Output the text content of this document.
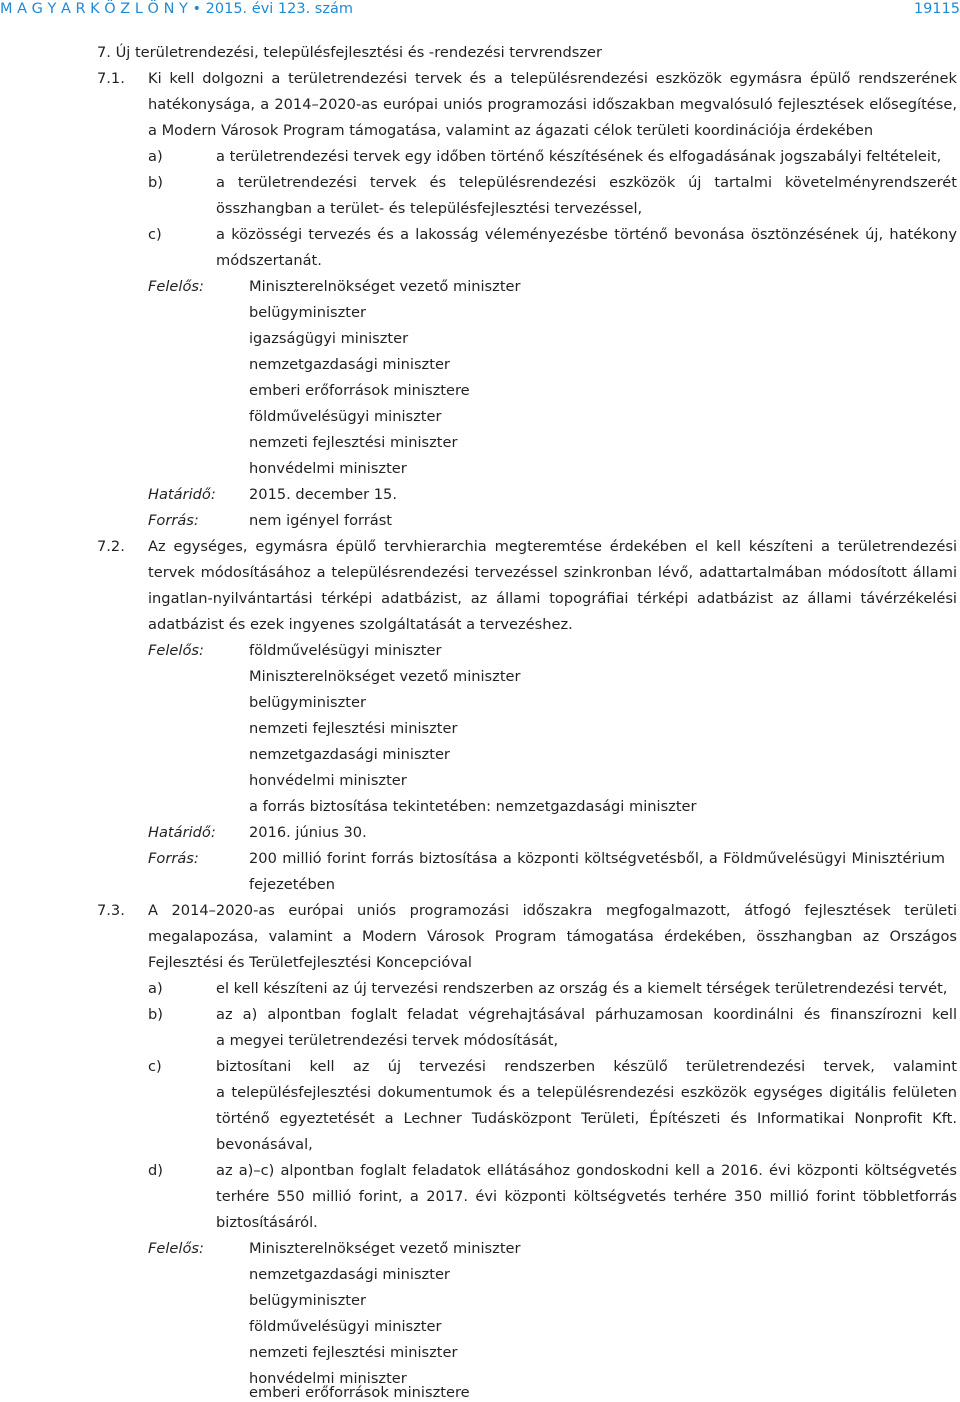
M A G Y A R K Ö Z L Ö N Y • 2015. évi 123. szám	19115
7. Új területrendezési, településfejlesztési és -rendezési tervrendszer
7.1. Ki kell dolgozni a területrendezési tervek és a településrendezési eszközök egymásra épülő rendszerének
hatékonysága, a 2014–2020-as európai uniós programozási időszakban megvalósuló fejlesztések elősegítése,
a Modern Városok Program támogatása, valamint az ágazati célok területi koordinációja érdekében
a)	a területrendezési tervek egy időben történő készítésének és elfogadásának jogszabályi feltételeit,
b)	a területrendezési tervek és településrendezési eszközök új tartalmi követelményrendszerét
összhangban a terület- és településfejlesztési tervezéssel,
c)	a közösségi tervezés és a lakosság véleményezésbe történő bevonása ösztönzésének új, hatékony
módszertanát.
Felelős:	Miniszterelnökséget vezető miniszter
belügyminiszter
igazságügyi miniszter
nemzetgazdasági miniszter
emberi erőforrások minisztere
földművelésügyi miniszter
nemzeti fejlesztési miniszter
honvédelmi miniszter
Határidő: 2015. december 15.
Forrás:	nem igényel forrást
7.2. Az egységes, egymásra épülő tervhierarchia megteremtése érdekében el kell készíteni a területrendezési
tervek módosításához a településrendezési tervezéssel szinkronban lévő, adattartalmában módosított állami
ingatlan-nyilvántartási térképi adatbázist, az állami topográfiai térképi adatbázist az állami távérzékelési
adatbázist és ezek ingyenes szolgáltatását a tervezéshez.
Felelős:	földművelésügyi miniszter
Miniszterelnökséget vezető miniszter
belügyminiszter
nemzeti fejlesztési miniszter
nemzetgazdasági miniszter
honvédelmi miniszter
a forrás biztosítása tekintetében: nemzetgazdasági miniszter
Határidő: 2016. június 30.
Forrás:	200 millió forint forrás biztosítása a központi költségvetésből, a Földművelésügyi Minisztérium
fejezetében
7.3. A 2014–2020-as európai uniós programozási időszakra megfogalmazott, átfogó fejlesztések területi
megalapozása, valamint a Modern Városok Program támogatása érdekében, összhangban az Országos
Fejlesztési és Területfejlesztési Koncepcióval
a)	el kell készíteni az új tervezési rendszerben az ország és a kiemelt térségek területrendezési tervét,
b)	az a) alpontban foglalt feladat végrehajtásával párhuzamosan koordinálni és finanszírozni kell
a megyei területrendezési tervek módosítását,
c)	biztosítani kell az új tervezési rendszerben készülő területrendezési tervek, valamint
a településfejlesztési dokumentumok és a településrendezési eszközök egységes digitális felületen
történő egyeztetését a Lechner Tudásközpont Területi, Építészeti és Informatikai Nonprofit Kft.
bevonásával,
d)	az a)–c) alpontban foglalt feladatok ellátásához gondoskodni kell a 2016. évi központi költségvetés
terhére 550 millió forint, a 2017. évi központi költségvetés terhére 350 millió forint többletforrás
biztosításáról.
Felelős:	Miniszterelnökséget vezető miniszter
nemzetgazdasági miniszter
belügyminiszter
földművelésügyi miniszter
nemzeti fejlesztési miniszter
honvédelmi miniszter
emberi erőforrások minisztere
